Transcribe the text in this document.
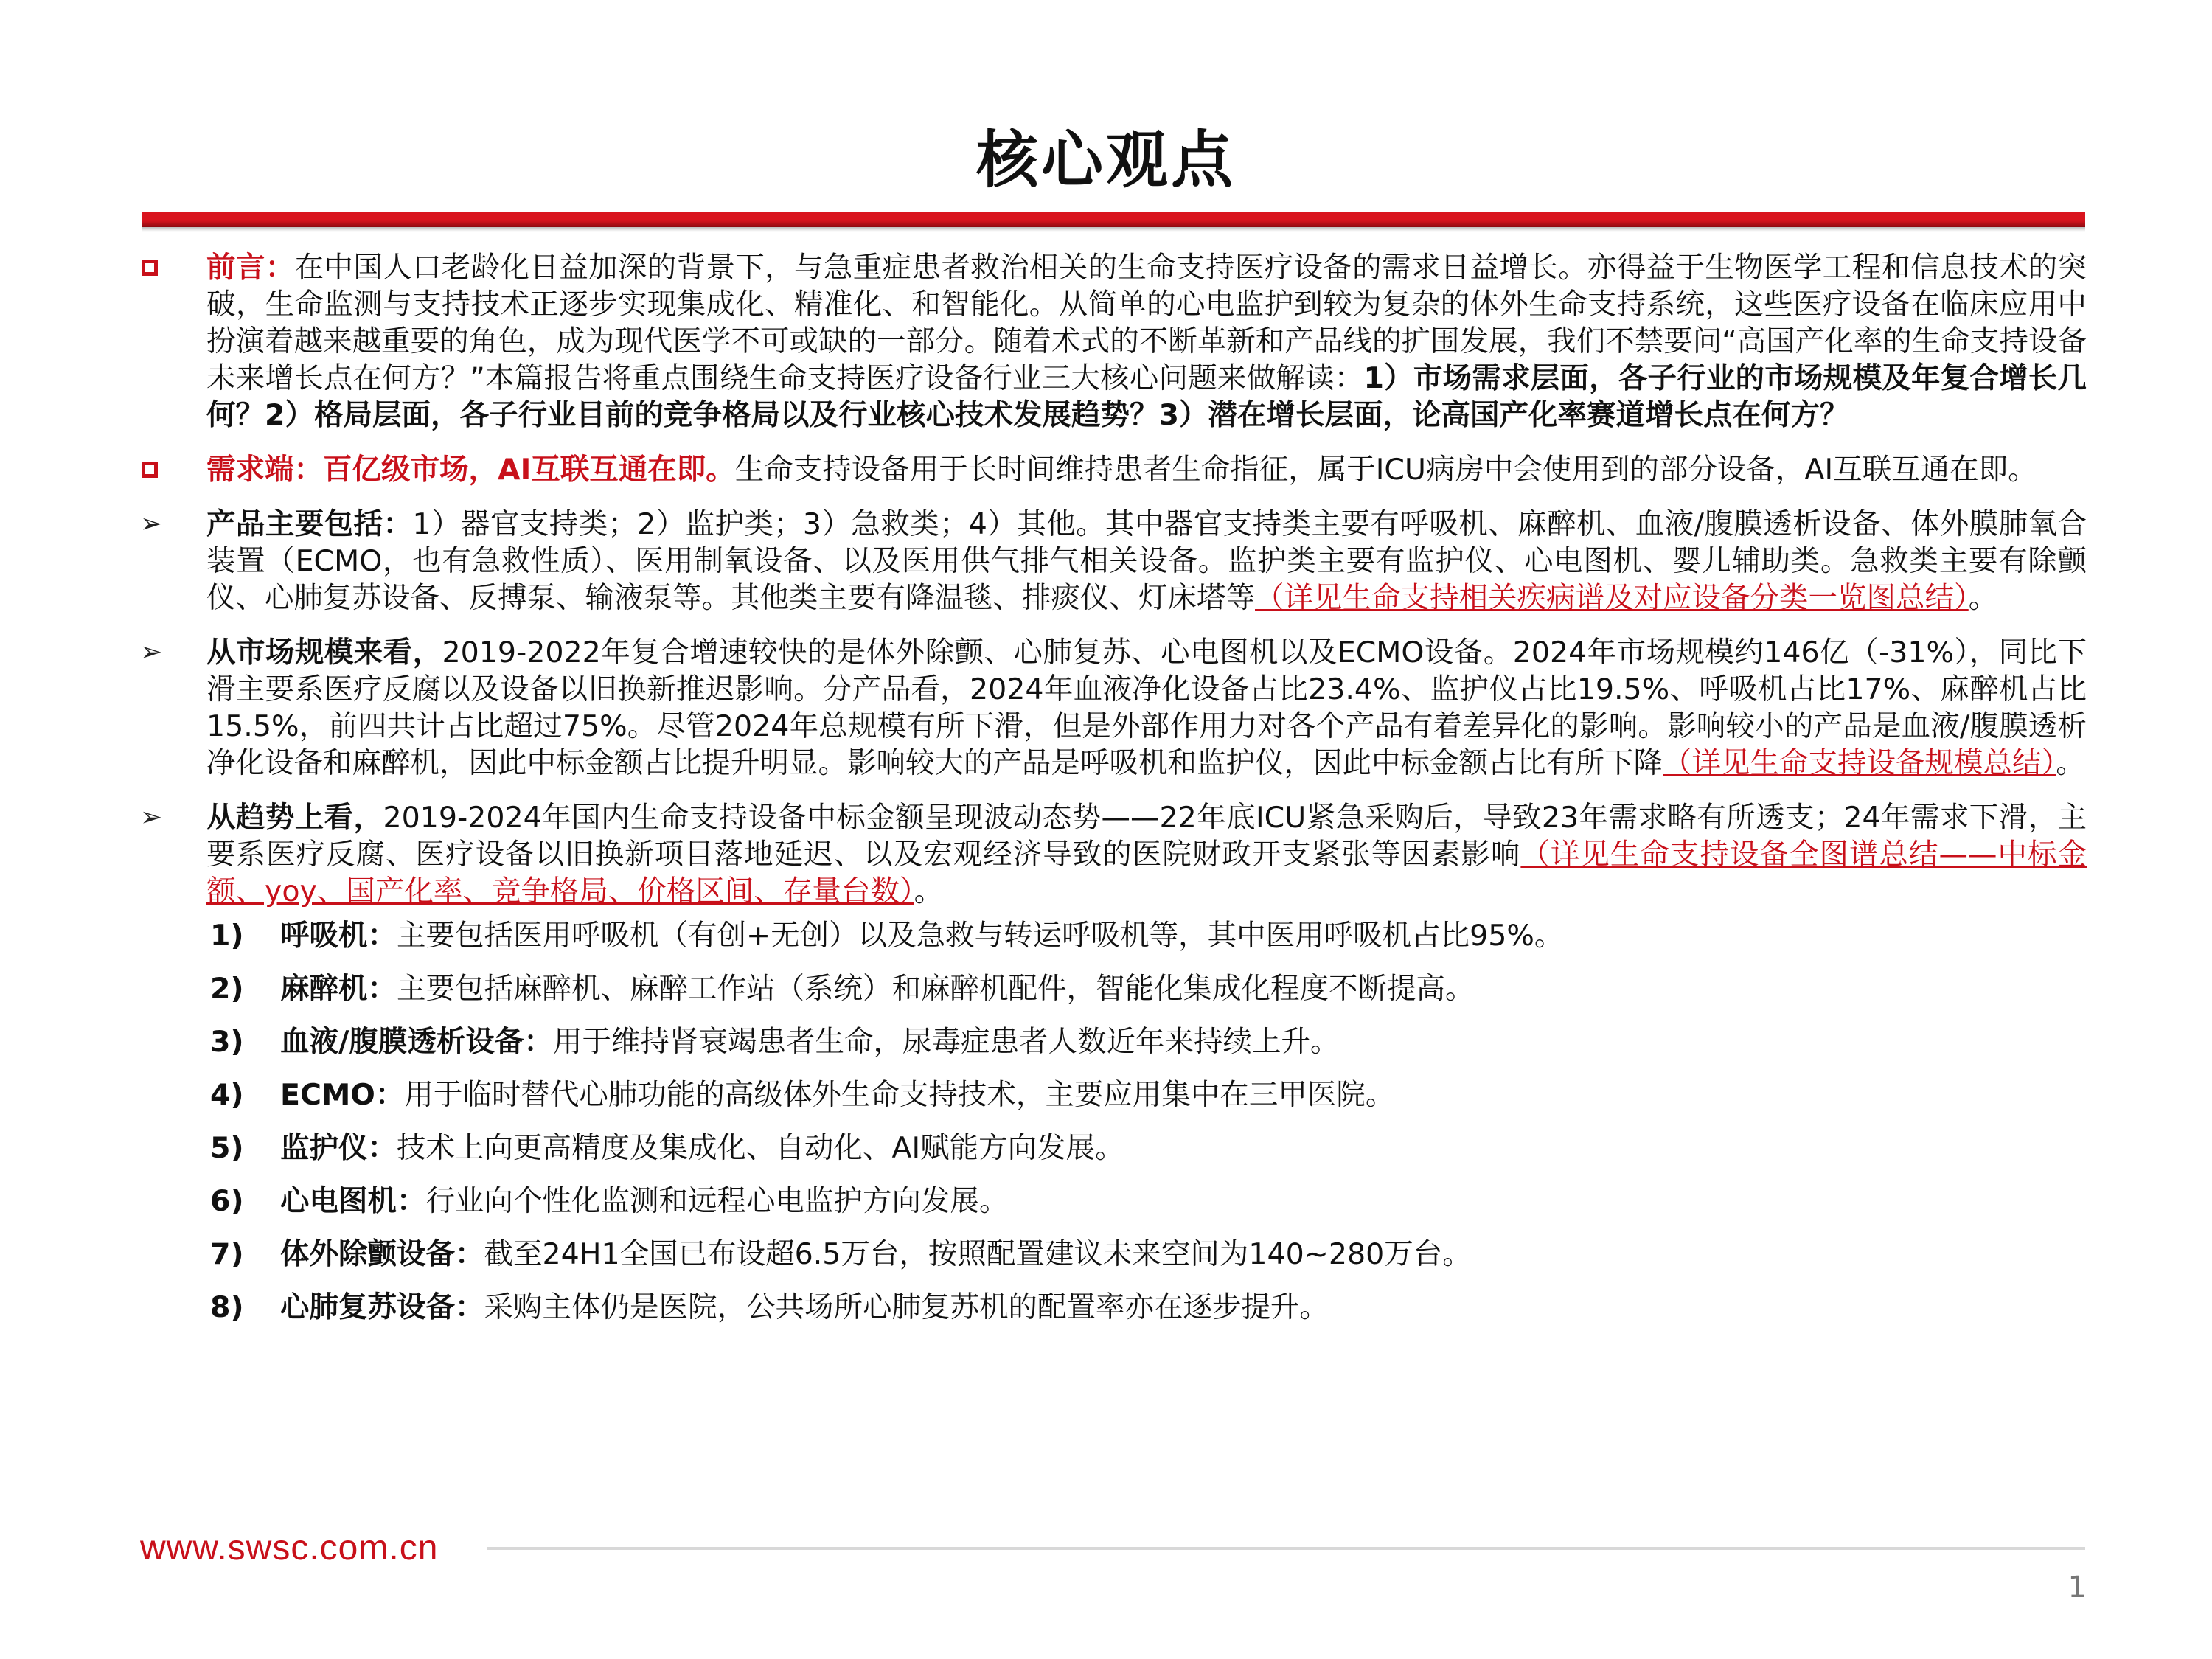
核心观点
前言：在中国人口老龄化日益加深的背景下，与急重症患者救治相关的生命支持医疗设备的需求日益增长。亦得益于生物医学工程和信息技术的突破，生命监测与支持技术正逐步实现集成化、精准化、和智能化。从简单的心电监护到较为复杂的体外生命支持系统，这些医疗设备在临床应用中扮演着越来越重要的角色，成为现代医学不可或缺的一部分。随着术式的不断革新和产品线的扩围发展，我们不禁要问“高国产化率的生命支持设备未来增长点在何方？”本篇报告将重点围绕生命支持医疗设备行业三大核心问题来做解读：1）市场需求层面，各子行业的市场规模及年复合增长几何？2）格局层面，各子行业目前的竞争格局以及行业核心技术发展趋势？3）潜在增长层面，论高国产化率赛道增长点在何方？
需求端：百亿级市场，AI互联互通在即。生命支持设备用于长时间维持患者生命指征，属于ICU病房中会使用到的部分设备，AI互联互通在即。
➢ 产品主要包括：1）器官支持类；2）监护类；3）急救类；4）其他。其中器官支持类主要有呼吸机、麻醉机、血液/腹膜透析设备、体外膜肺氧合装置（ECMO，也有急救性质）、医用制氧设备、以及医用供气排气相关设备。监护类主要有监护仪、心电图机、婴儿辅助类。急救类主要有除颤仪、心肺复苏设备、反搏泵、输液泵等。其他类主要有降温毯、排痰仪、灯床塔等（详见生命支持相关疾病谱及对应设备分类一览图总结）。
➢ 从市场规模来看，2019-2022年复合增速较快的是体外除颤、心肺复苏、心电图机以及ECMO设备。2024年市场规模约146亿（-31%），同比下滑主要系医疗反腐以及设备以旧换新推迟影响。分产品看，2024年血液净化设备占比23.4%、监护仪占比19.5%、呼吸机占比17%、麻醉机占比15.5%，前四共计占比超过75%。尽管2024年总规模有所下滑，但是外部作用力对各个产品有着差异化的影响。影响较小的产品是血液/腹膜透析净化设备和麻醉机，因此中标金额占比提升明显。影响较大的产品是呼吸机和监护仪，因此中标金额占比有所下降（详见生命支持设备规模总结）。
➢ 从趋势上看，2019-2024年国内生命支持设备中标金额呈现波动态势——22年底ICU紧急采购后，导致23年需求略有所透支；24年需求下滑，主要系医疗反腐、医疗设备以旧换新项目落地延迟、以及宏观经济导致的医院财政开支紧张等因素影响（详见生命支持设备全图谱总结——中标金额、yoy、国产化率、竞争格局、价格区间、存量台数）。
1) 呼吸机：主要包括医用呼吸机（有创+无创）以及急救与转运呼吸机等，其中医用呼吸机占比95%。
2) 麻醉机：主要包括麻醉机、麻醉工作站（系统）和麻醉机配件，智能化集成化程度不断提高。
3) 血液/腹膜透析设备：用于维持肾衰竭患者生命，尿毒症患者人数近年来持续上升。
4) ECMO：用于临时替代心肺功能的高级体外生命支持技术，主要应用集中在三甲医院。
5) 监护仪：技术上向更高精度及集成化、自动化、AI赋能方向发展。
6) 心电图机：行业向个性化监测和远程心电监护方向发展。
7) 体外除颤设备：截至24H1全国已布设超6.5万台，按照配置建议未来空间为140~280万台。
8) 心肺复苏设备：采购主体仍是医院，公共场所心肺复苏机的配置率亦在逐步提升。
www.swsc.com.cn
1
